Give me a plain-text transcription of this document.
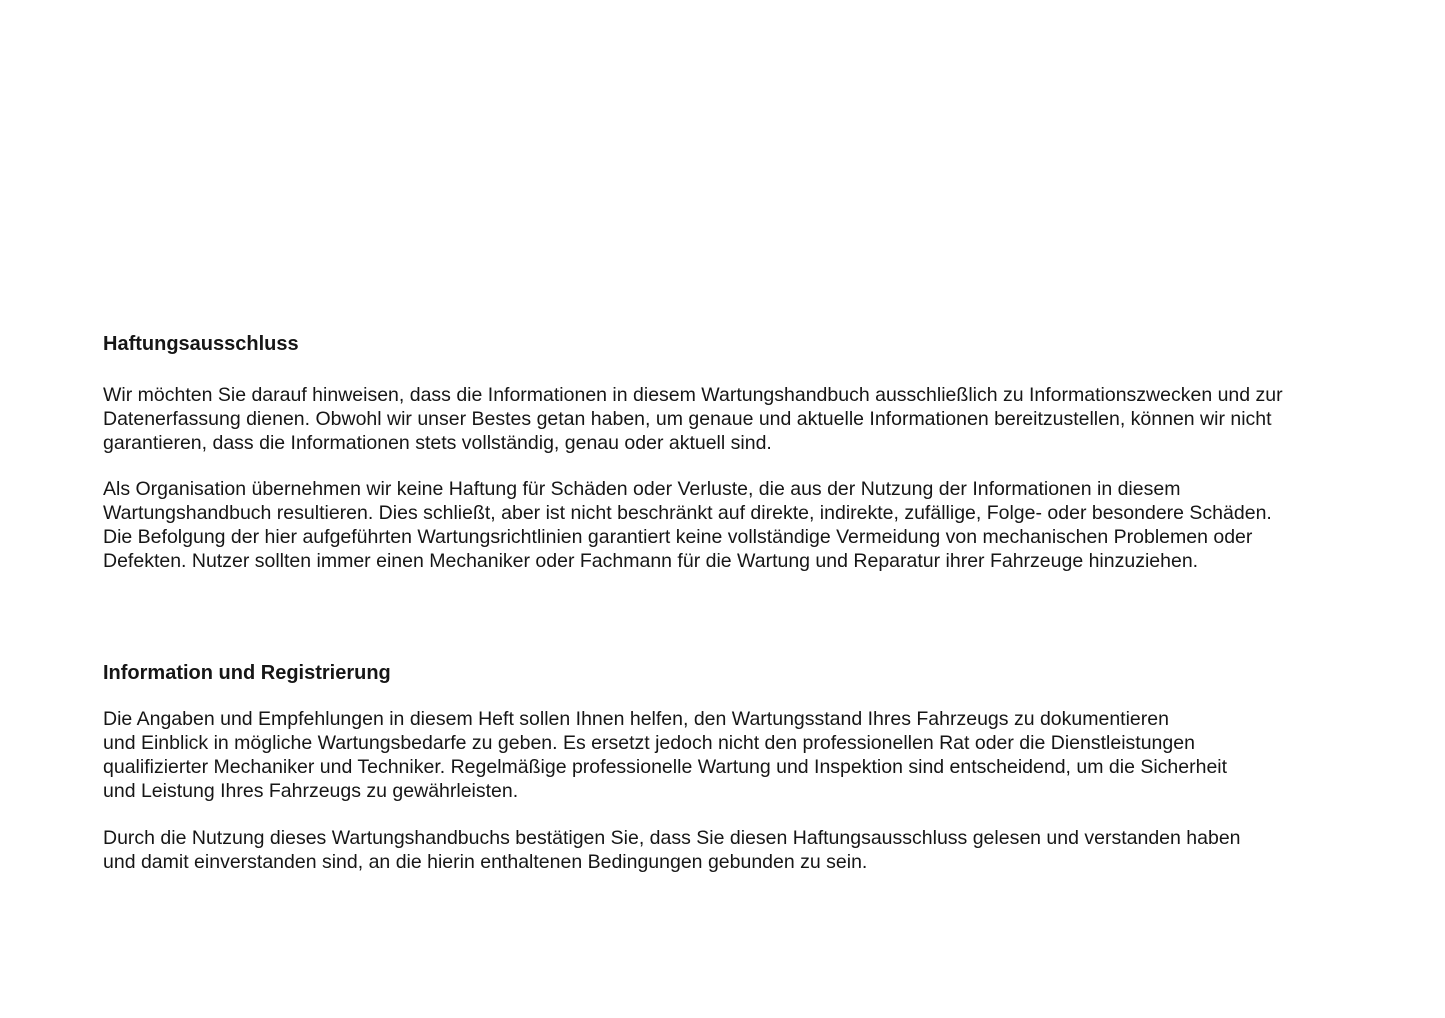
Haftungsausschluss

Wir möchten Sie darauf hinweisen, dass die Informationen in diesem Wartungshandbuch ausschließlich zu Informationszwecken und zur
Datenerfassung dienen. Obwohl wir unser Bestes getan haben, um genaue und aktuelle Informationen bereitzustellen, können wir nicht
garantieren, dass die Informationen stets vollständig, genau oder aktuell sind.

Als Organisation übernehmen wir keine Haftung für Schäden oder Verluste, die aus der Nutzung der Informationen in diesem
Wartungshandbuch resultieren. Dies schließt, aber ist nicht beschränkt auf direkte, indirekte, zufällige, Folge- oder besondere Schäden.
Die Befolgung der hier aufgeführten Wartungsrichtlinien garantiert keine vollständige Vermeidung von mechanischen Problemen oder
Defekten. Nutzer sollten immer einen Mechaniker oder Fachmann für die Wartung und Reparatur ihrer Fahrzeuge hinzuziehen.

Information und Registrierung

Die Angaben und Empfehlungen in diesem Heft sollen Ihnen helfen, den Wartungsstand Ihres Fahrzeugs zu dokumentieren
und Einblick in mögliche Wartungsbedarfe zu geben. Es ersetzt jedoch nicht den professionellen Rat oder die Dienstleistungen
qualifizierter Mechaniker und Techniker. Regelmäßige professionelle Wartung und Inspektion sind entscheidend, um die Sicherheit
und Leistung Ihres Fahrzeugs zu gewährleisten.

Durch die Nutzung dieses Wartungshandbuchs bestätigen Sie, dass Sie diesen Haftungsausschluss gelesen und verstanden haben
und damit einverstanden sind, an die hierin enthaltenen Bedingungen gebunden zu sein.
